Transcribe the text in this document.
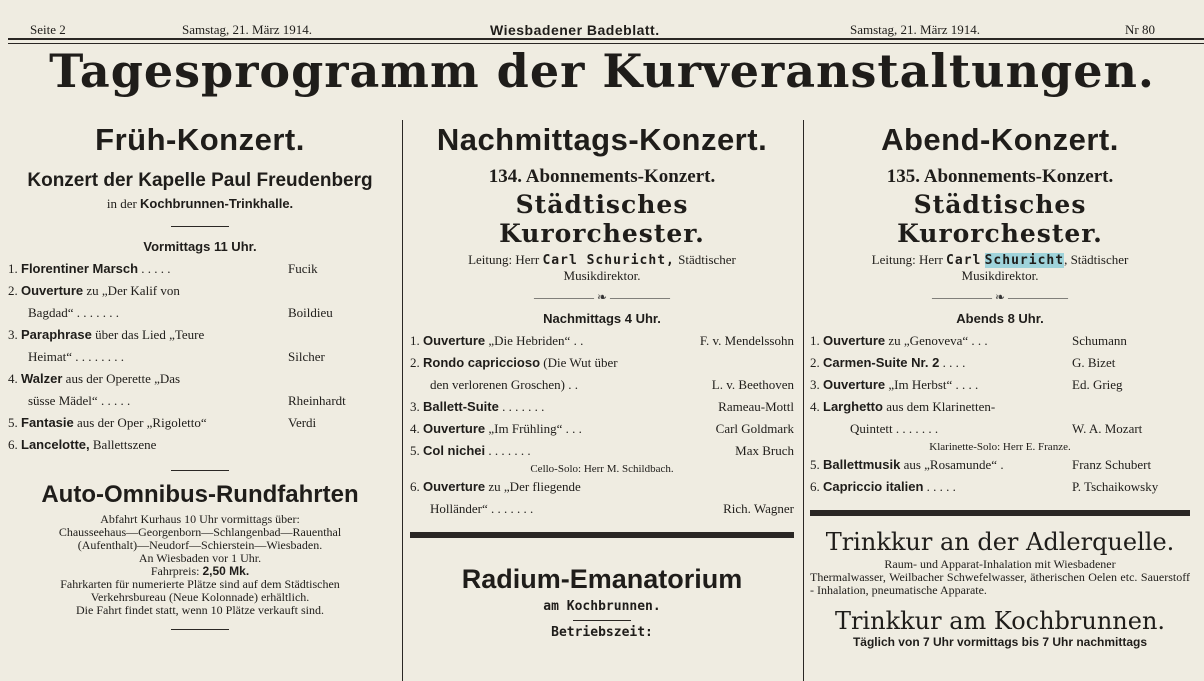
Seite 2	Samstag, 21. März 1914.	Wiesbadener Badeblatt.	Samstag, 21. März 1914.	Nr 80
Tagesprogramm der Kurveranstaltungen.
Früh-Konzert.
Konzert der Kapelle Paul Freudenberg
in der Kochbrunnen-Trinkhalle.
Vormittags 11 Uhr.
1. Florentiner Marsch . . . . .	Fucik
2. Ouverture zu „Der Kalif von
Bagdad“ . . . . . . .	Boildieu
3. Paraphrase über das Lied „Teure
Heimat“ . . . . . . . .	Silcher
4. Walzer aus der Operette „Das
süsse Mädel“ . . . . .	Rheinhardt
5. Fantasie aus der Oper „Rigoletto“	Verdi
6. Lancelotte, Ballettszene
Auto-Omnibus-Rundfahrten
Abfahrt Kurhaus 10 Uhr vormittags über:
Chausseehaus—Georgenborn—Schlangenbad—Rauenthal
(Aufenthalt)—Neudorf—Schierstein—Wiesbaden.
An Wiesbaden vor 1 Uhr.
Fahrpreis: 2,50 Mk.
Fahrkarten für numerierte Plätze sind auf dem Städtischen
Verkehrsbureau (Neue Kolonnade) erhältlich.
Die Fahrt findet statt, wenn 10 Plätze verkauft sind.
Nachmittags-Konzert.
134. Abonnements-Konzert.
Städtisches Kurorchester.
Leitung: Herr Carl Schuricht, Städtischer
Musikdirektor.
————— ❧ —————
Nachmittags 4 Uhr.
1. Ouverture „Die Hebriden“ . .	F. v. Mendelssohn
2. Rondo capriccioso (Die Wut über
den verlorenen Groschen) . .	L. v. Beethoven
3. Ballett-Suite . . . . . . .	Rameau-Mottl
4. Ouverture „Im Frühling“ . . .	Carl Goldmark
5. Col nichei . . . . . . .	Max Bruch
Cello-Solo: Herr M. Schildbach.
6. Ouverture zu „Der fliegende
Holländer“ . . . . . . .	Rich. Wagner
Radium-Emanatorium
am Kochbrunnen.
Betriebszeit:
Abend-Konzert.
135. Abonnements-Konzert.
Städtisches Kurorchester.
Leitung: Herr Carl Schuricht, Städtischer
Musikdirektor.
————— ❧ —————
Abends 8 Uhr.
1. Ouverture zu „Genoveva“ . . .	Schumann
2. Carmen-Suite Nr. 2 . . . .	G. Bizet
3. Ouverture „Im Herbst“ . . . .	Ed. Grieg
4. Larghetto aus dem Klarinetten-
Quintett . . . . . . .	W. A. Mozart
Klarinette-Solo: Herr E. Franze.
5. Ballettmusik aus „Rosamunde“ .	Franz Schubert
6. Capriccio italien . . . . .	P. Tschaikowsky
Trinkkur an der Adlerquelle.
Raum- und Apparat-Inhalation mit Wiesbadener
Thermalwasser, Weilbacher Schwefelwasser, ätherischen Oelen etc. Sauerstoff - Inhalation, pneumatische Apparate.
Trinkkur am Kochbrunnen.
Täglich von 7 Uhr vormittags bis 7 Uhr nachmittags
